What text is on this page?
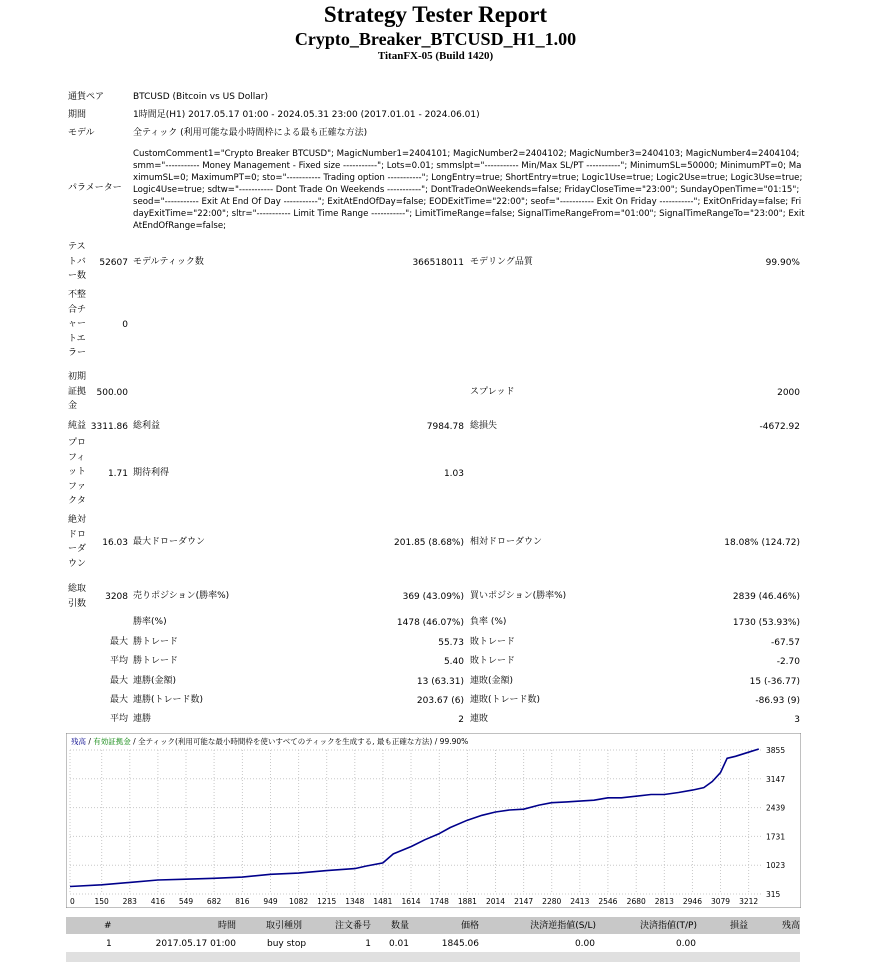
Strategy Tester Report
Crypto_Breaker_BTCUSD_H1_1.00
TitanFX-05 (Build 1420)
通貨ペア	BTCUSD (Bitcoin vs US Dollar)
期間	1時間足(H1) 2017.05.17 01:00 - 2024.05.31 23:00 (2017.01.01 - 2024.06.01)
モデル	全ティック (利用可能な最小時間枠による最も正確な方法)
パラメーター
CustomComment1="Crypto Breaker BTCUSD"; MagicNumber1=2404101; MagicNumber2=2404102; MagicNumber3=2404103; MagicNumber4=2404104; smm="----------- Money Management - Fixed size -----------"; Lots=0.01; smmslpt="----------- Min/Max SL/PT -----------"; MinimumSL=50000; MinimumPT=0; MaximumSL=0; MaximumPT=0; sto="----------- Trading option -----------"; LongEntry=true; ShortEntry=true; Logic1Use=true; Logic2Use=true; Logic3Use=true; Logic4Use=true; sdtw="----------- Dont Trade On Weekends -----------"; DontTradeOnWeekends=false; FridayCloseTime="23:00"; SundayOpenTime="01:15"; seod="----------- Exit At End Of Day -----------"; ExitAtEndOfDay=false; EODExitTime="22:00"; seof="----------- Exit On Friday -----------"; ExitOnFriday=false; FridayExitTime="22:00"; sltr="----------- Limit Time Range -----------"; LimitTimeRange=false; SignalTimeRangeFrom="01:00"; SignalTimeRangeTo="23:00"; ExitAtEndOfRange=false;
テストバー数
52607 モデルティック数	366518011 モデリング品質	99.90%
不整合チャートエラー
0
初期証拠金
500.00	スプレッド	2000
純益 3311.86 総利益	7984.78 総損失	-4672.92
プロフィットファクタ
1.71 期待利得	1.03
絶対ドローダウン
16.03 最大ドローダウン	201.85 (8.68%) 相対ドローダウン	18.08% (124.72)
総取引数
3208 売りポジション(勝率%)	369 (43.09%) 買いポジション(勝率%)	2839 (46.46%)
勝率(%)	1478 (46.07%) 負率 (%)	1730 (53.93%)
最大 勝トレード	55.73 敗トレード	-67.57
平均 勝トレード	5.40 敗トレード	-2.70
最大 連勝(金額)	13 (63.31) 連敗(金額)	15 (-36.77)
最大 連勝(トレード数)	203.67 (6) 連敗(トレード数)	-86.93 (9)
平均 連勝	2 連敗	3
3855
3147
2439
1731
1023
315
0	150 283 416 549 682 816 949 1082 1215 1348 1481 1614 1748 1881 2014 2147 2280 2413 2546 2680 2813 2946 3079 3212
残高 / 有効証拠金 / 全ティック(利用可能な最小時間枠を使いすべてのティックを生成する, 最も正確な方法) / 99.90%
#	時間	取引種別	注文番号	数量	価格	決済逆指値(S/L)	決済指値(T/P)	損益	残高
1	2017.05.17 01:00	buy stop	1	0.01	1845.06	0.00	0.00
